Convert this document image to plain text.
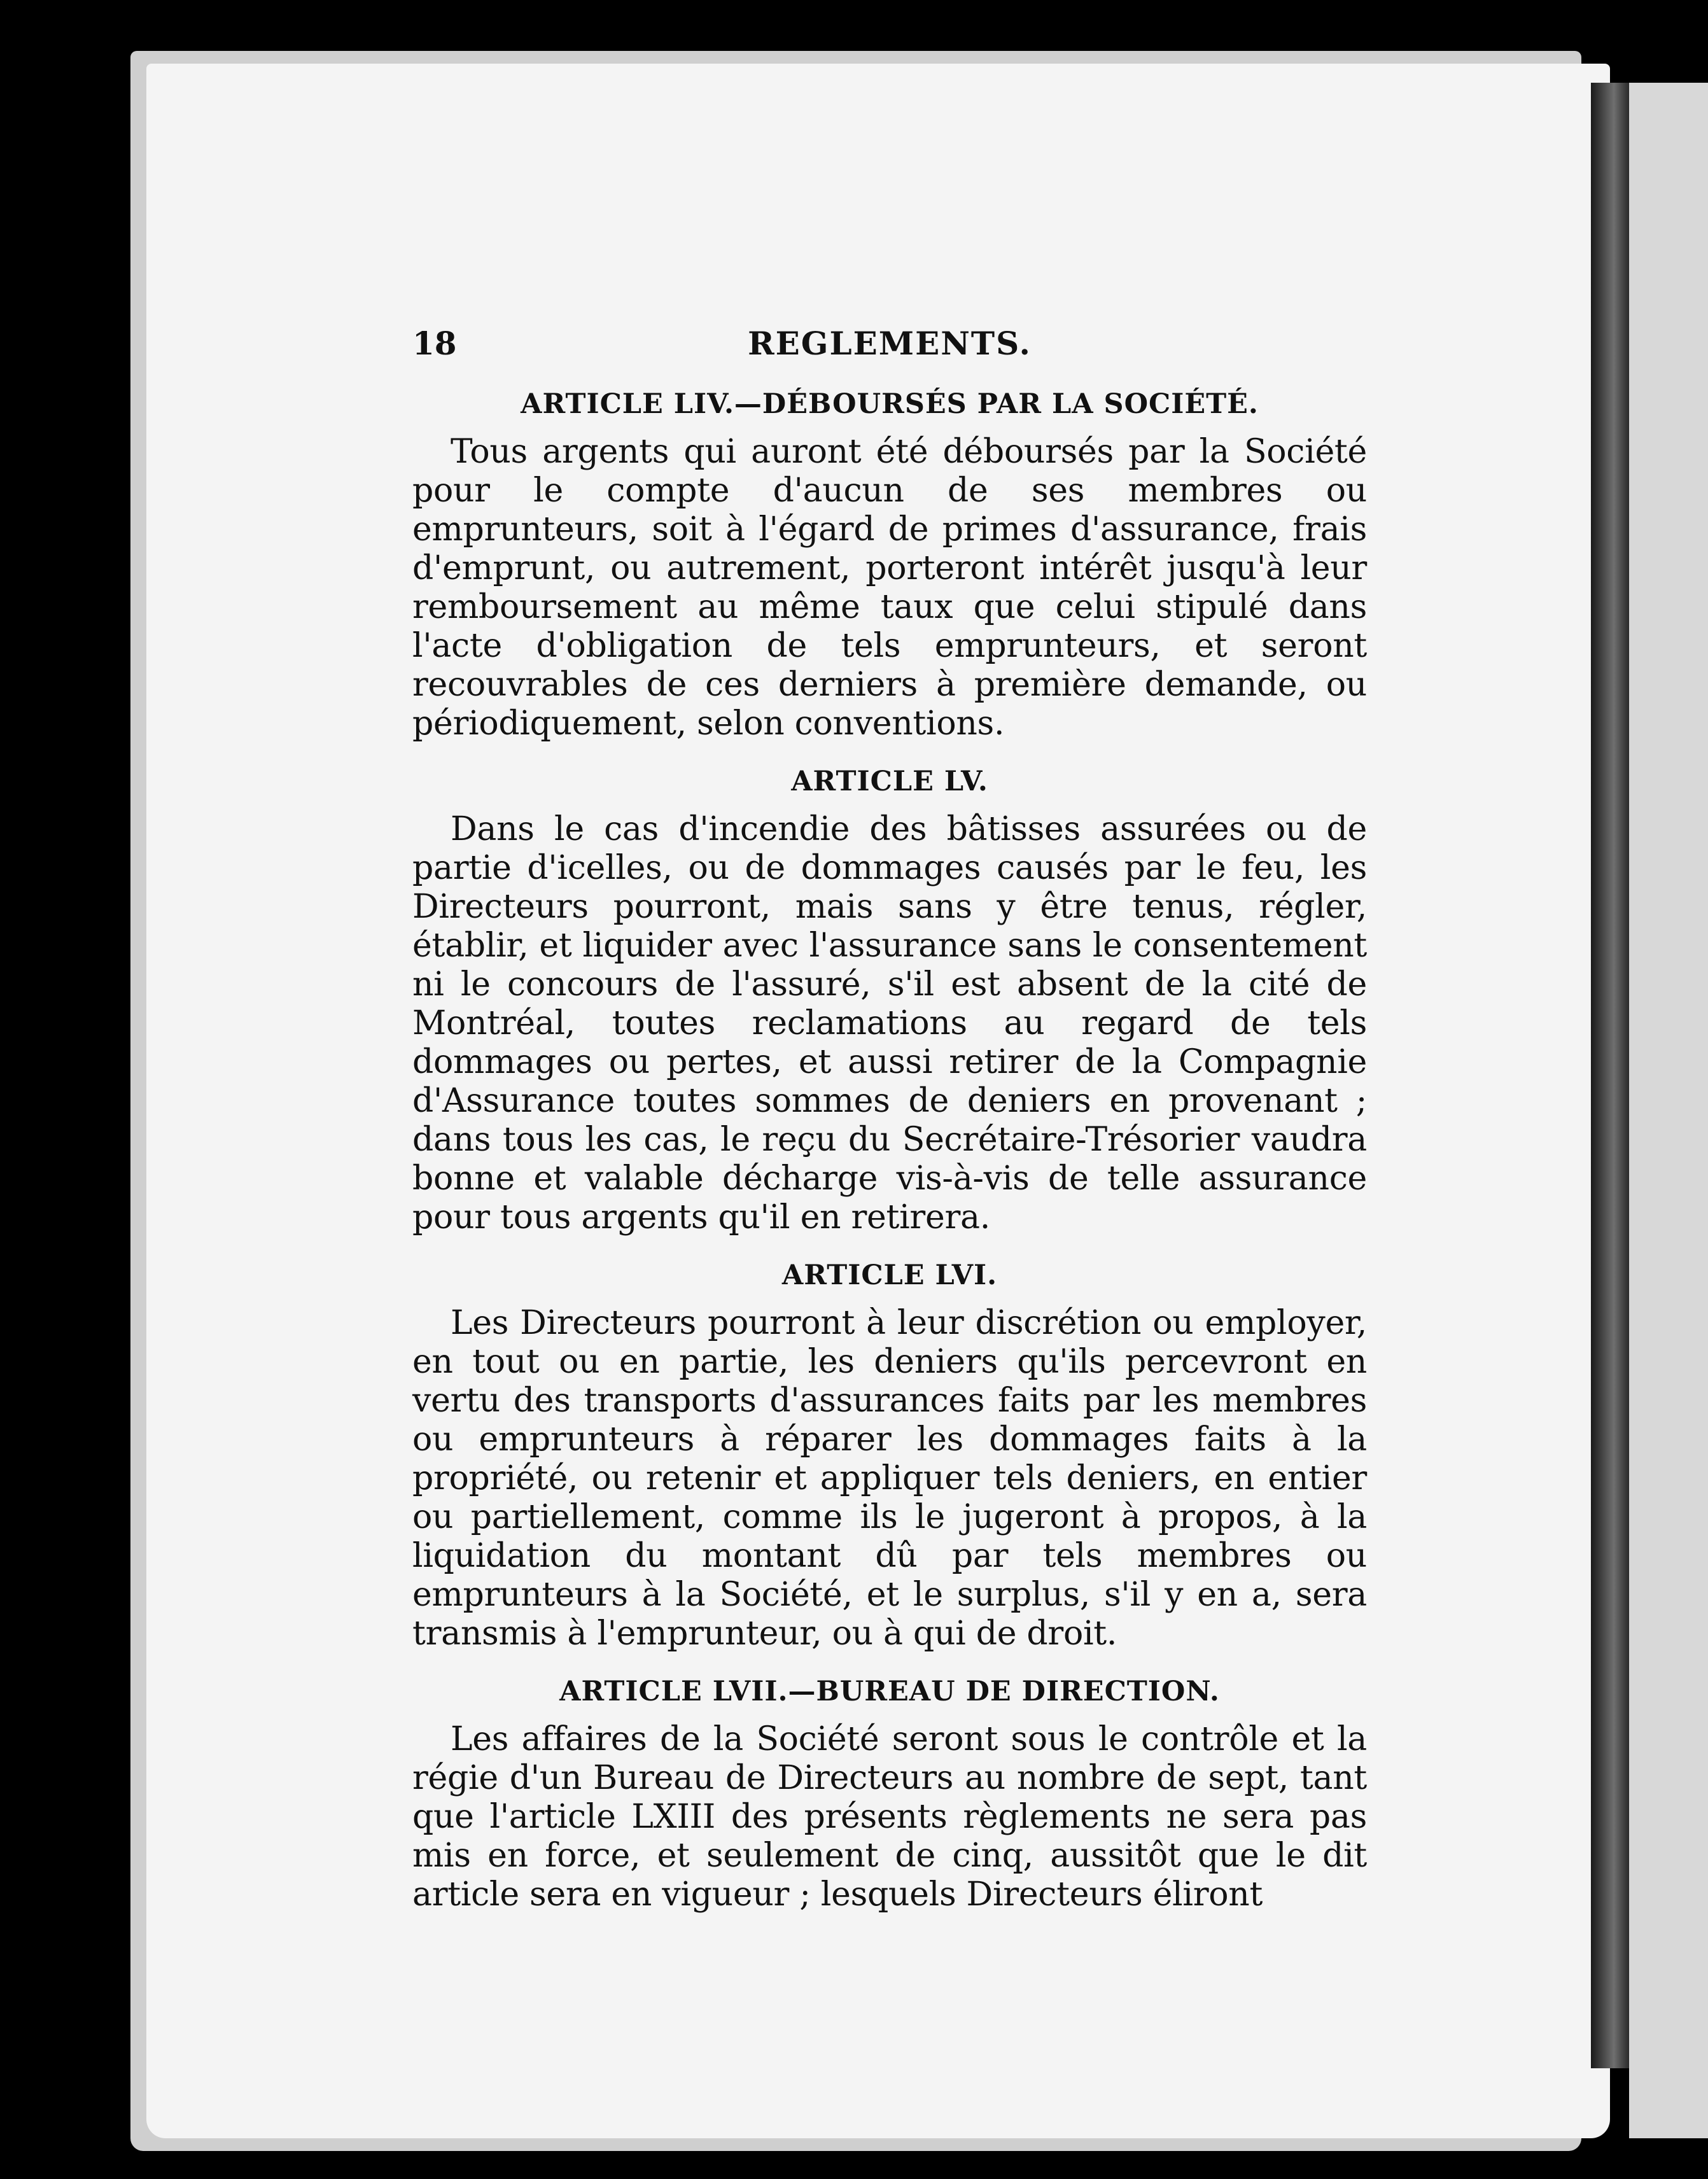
18	REGLEMENTS.
ARTICLE LIV.—DÉBOURSÉS PAR LA SOCIÉTÉ.

Tous argents qui auront été déboursés par la Société pour le compte d'aucun de ses membres ou emprunteurs, soit à l'égard de primes d'assurance, frais d'emprunt, ou autrement, porteront intérêt jusqu'à leur remboursement au même taux que celui stipulé dans l'acte d'obligation de tels emprunteurs, et seront recouvrables de ces derniers à première demande, ou périodiquement, selon conventions.

ARTICLE LV.

Dans le cas d'incendie des bâtisses assurées ou de partie d'icelles, ou de dommages causés par le feu, les Directeurs pourront, mais sans y être tenus, régler, établir, et liquider avec l'assurance sans le consentement ni le concours de l'assuré, s'il est absent de la cité de Montréal, toutes reclamations au regard de tels dommages ou pertes, et aussi retirer de la Compagnie d'Assurance toutes sommes de deniers en provenant ; dans tous les cas, le reçu du Secrétaire-Trésorier vaudra bonne et valable décharge vis-à-vis de telle assurance pour tous argents qu'il en retirera.

ARTICLE LVI.

Les Directeurs pourront à leur discrétion ou employer, en tout ou en partie, les deniers qu'ils percevront en vertu des transports d'assurances faits par les membres ou emprunteurs à réparer les dommages faits à la propriété, ou retenir et appliquer tels deniers, en entier ou partiellement, comme ils le jugeront à propos, à la liquidation du montant dû par tels membres ou emprunteurs à la Société, et le surplus, s'il y en a, sera transmis à l'emprunteur, ou à qui de droit.

ARTICLE LVII.—BUREAU DE DIRECTION.

Les affaires de la Société seront sous le contrôle et la régie d'un Bureau de Directeurs au nombre de sept, tant que l'article LXIII des présents règlements ne sera pas mis en force, et seulement de cinq, aussitôt que le dit article sera en vigueur ; lesquels Directeurs éliront
